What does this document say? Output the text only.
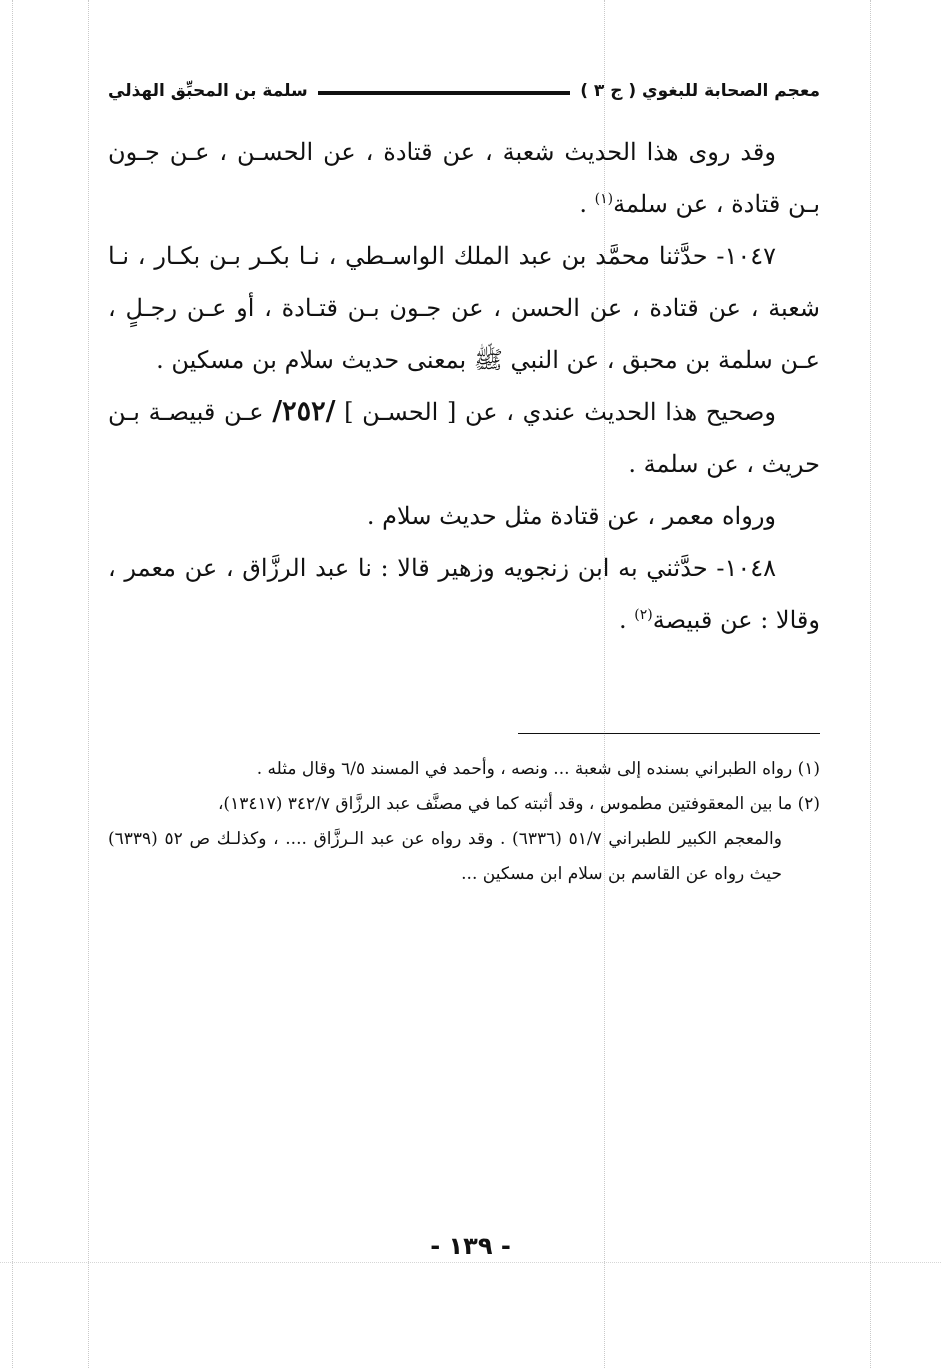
معجم الصحابة للبغوي ( ج ٣ )
سلمة بن المحبِّق الهذلي

وقد روى هذا الحديث شعبة ، عن قتادة ، عن الحسـن ، عـن جـون بـن قتادة ، عن سلمة$^{(١)}$ .

١٠٤٧- حدَّثنا محمَّد بن عبد الملك الواسـطي ، نـا بكـر بـن بكـار ، نـا شعبة ، عن قتادة ، عن الحسن ، عن جـون بـن قتـادة ، أو عـن رجـلٍ ، عـن سلمة بن محبق ، عن النبي ﷺ بمعنى حديث سلام بن مسكين .

وصحيح هذا الحديث عندي ، عن [ الحسـن ] /٢٥٢/ عـن قبيصـة بـن حريث ، عن سلمة .

ورواه معمر ، عن قتادة مثل حديث سلام .

١٠٤٨- حدَّثني به ابن زنجويه وزهير قالا : نا عبد الرزَّاق ، عن معمر ، وقالا : عن قبيصة$^{(٢)}$ .

(١) رواه الطبراني بسنده إلى شعبة ... ونصه ، وأحمد في المسند ٦/٥ وقال مثله .

(٢) ما بين المعقوفتين مطموس ، وقد أثبته كما في مصنَّف عبد الرزَّاق ٣٤٢/٧ (١٣٤١٧)،

والمعجم الكبير للطبراني ٥١/٧ (٦٣٣٦) . وقد رواه عن عبد الـرزَّاق .... ، وكذلـك ص ٥٢ (٦٣٣٩) حيث رواه عن القاسم بن سلام ابن مسكين ...

- ١٣٩ -
